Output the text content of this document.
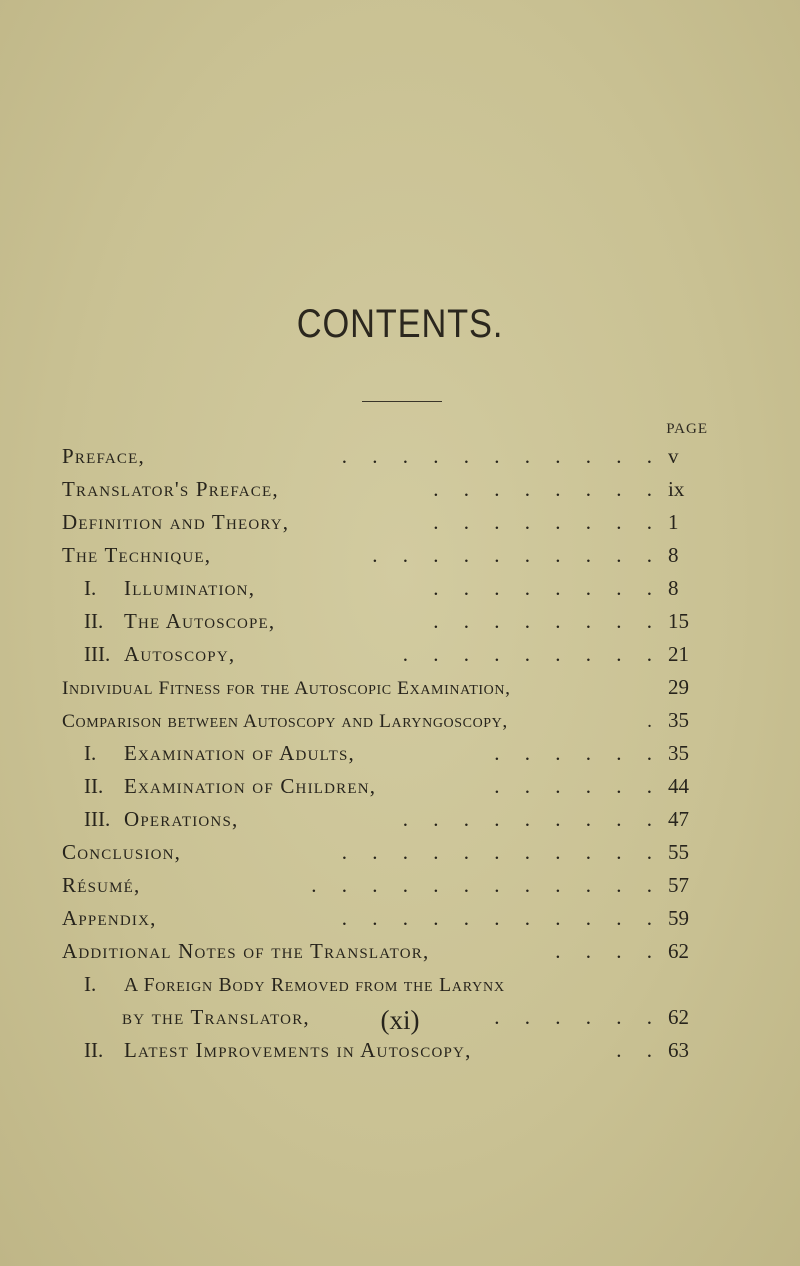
CONTENTS.
PAGE
Preface,	. . . . . . . . . . . v
Translator's Preface,	. . . . . . . . ix
Definition and Theory,	. . . . . . . . 1
The Technique,	. . . . . . . . . . 8
I.	Illumination,	. . . . . . . . 8
II. The Autoscope,	. . . . . . . . 15
III. Autoscopy,	. . . . . . . . . 21
Individual Fitness for the Autoscopic Examination,	29
Comparison between Autoscopy and Laryngoscopy,	. 35
I.	Examination of Adults,	. . . . . . 35
II. Examination of Children,	. . . . . . 44
III. Operations,	. . . . . . . . . 47
Conclusion,	. . . . . . . . . . . 55
Résumé,	. . . . . . . . . . . . 57
Appendix,	. . . . . . . . . . . 59
Additional Notes of the Translator,	. . . . 62
I.	A Foreign Body Removed from the Larynx
by the Translator,	. . . . . . 62
II. Latest Improvements in Autoscopy,	. . 63
(xi)
